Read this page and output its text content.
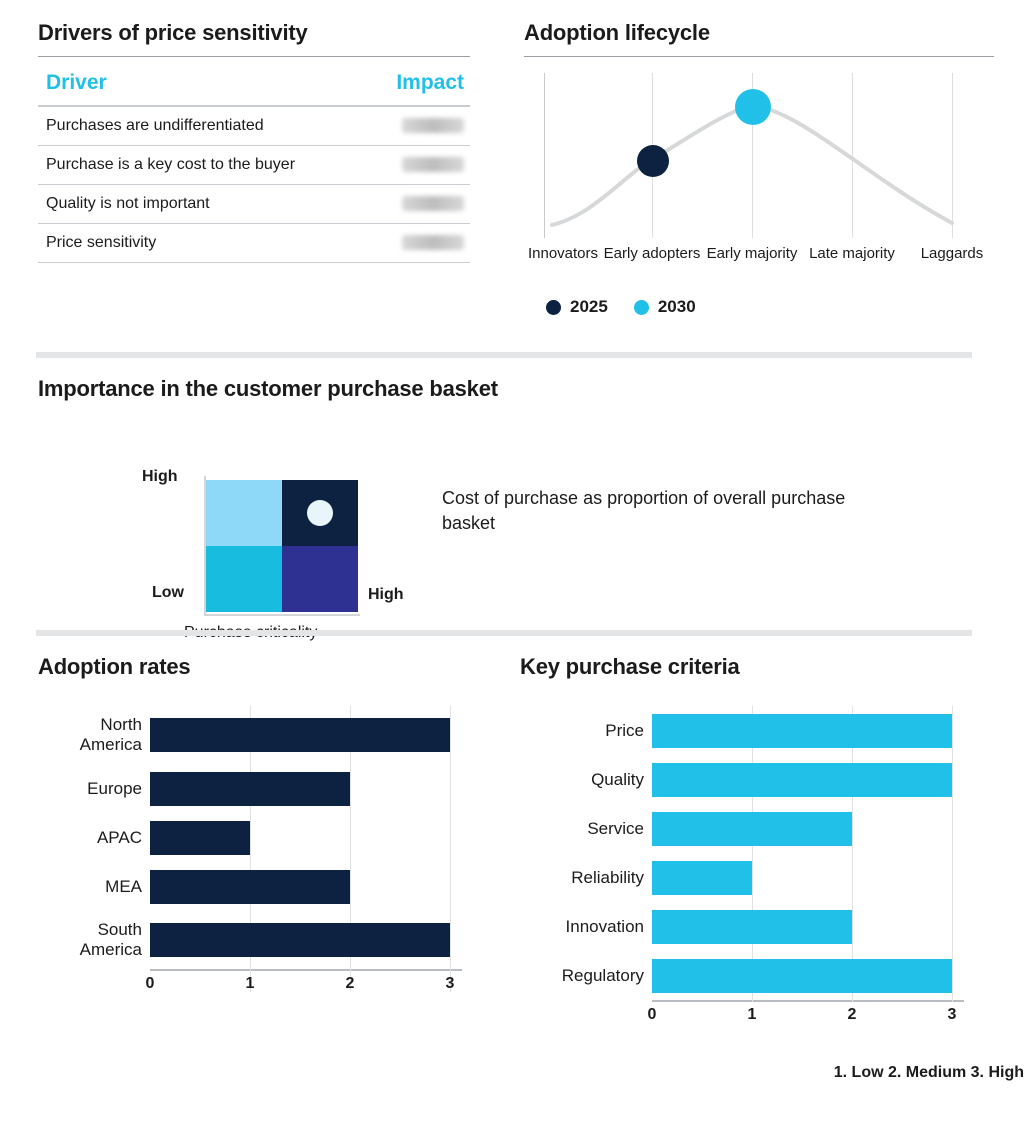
Drivers of price sensitivity
Driver	Impact
Purchases are undifferentiated	
Purchase is a key cost to the buyer	
Quality is not important	
Price sensitivity	
Adoption lifecycle
Innovators Early adopters Early majority Late majority	Laggards
2025	2030
Importance in the customer purchase basket
High
Low	High
Cost of purchase as proportion of overall purchase basket
Adoption rates
North America
Europe
APAC
MEA
South America
0	1	2	3
Key purchase criteria
Price
Quality
Service
Reliability
Innovation
Regulatory
0	1	2	3
1. Low 2. Medium 3. High
